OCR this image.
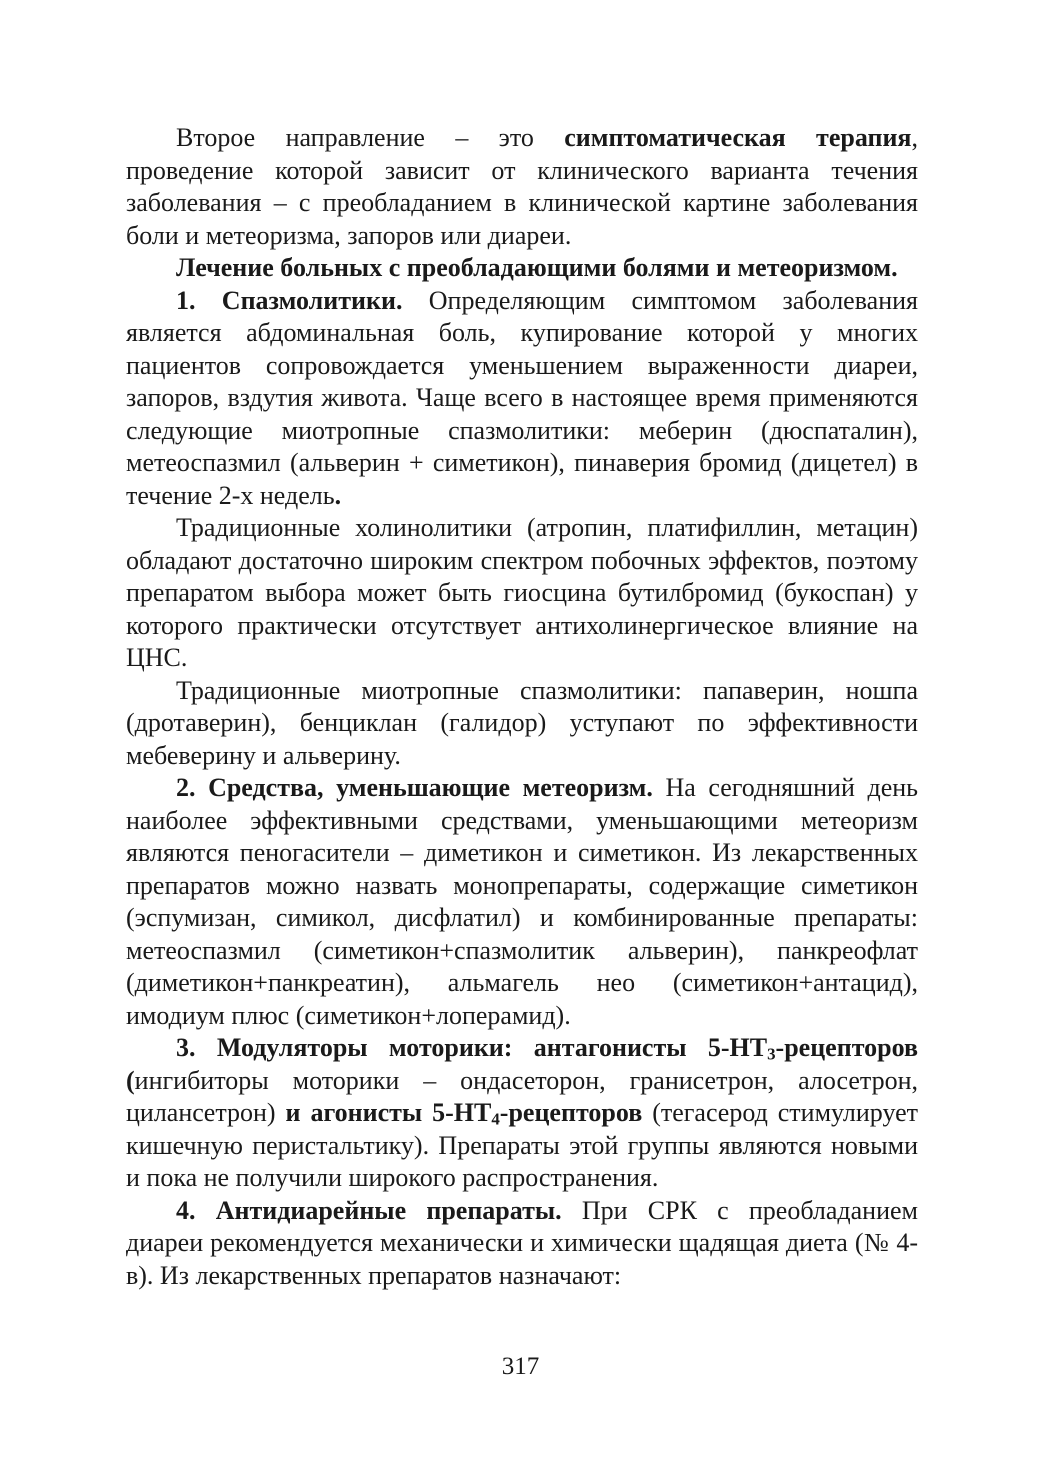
Второе направление – это симптоматическая терапия, проведение которой зависит от клинического варианта течения заболевания – с преобладанием в клинической картине заболевания боли и метеоризма, запоров или диареи.

Лечение больных с преобладающими болями и метеоризмом.

1. Спазмолитики. Определяющим симптомом заболевания является абдоминальная боль, купирование которой у многих пациентов сопровождается уменьшением выраженности диареи, запоров, вздутия живота. Чаще всего в настоящее время применяются следующие миотропные спазмолитики: меберин (дюспаталин), метеоспазмил (альверин + симетикон), пинаверия бромид (дицетел) в течение 2-х недель.

Традиционные холинолитики (атропин, платифиллин, метацин) обладают достаточно широким спектром побочных эффектов, поэтому препаратом выбора может быть гиосцина бутилбромид (букоспан) у которого практически отсутствует антихолинергическое влияние на ЦНС.

Традиционные миотропные спазмолитики: папаверин, ношпа (дротаверин), бенциклан (галидор) уступают по эффективности мебеверину и альверину.

2. Средства, уменьшающие метеоризм. На сегодняшний день наиболее эффективными средствами, уменьшающими метеоризм являются пеногасители – диметикон и симетикон. Из лекарственных препаратов можно назвать монопрепараты, содержащие симетикон (эспумизан, симикол, дисфлатил) и комбинированные препараты: метеоспазмил (симетикон+спазмолитик альверин), панкреофлат (диметикон+панкреатин), альмагель нео (симетикон+антацид), имодиум плюс (симетикон+лоперамид).

3. Модуляторы моторики: антагонисты $5-НТ_3$-рецепторов (ингибиторы моторики – ондасеторон, гранисетрон, алосетрон, циланcетрон) и агонисты $5-НТ_4$-рецепторов (тегасерод стимулирует кишечную перистальтику). Препараты этой группы являются новыми и пока не получили широкого распространения.

4. Антидиарейные препараты. При СРК с преобладанием диареи рекомендуется механически и химически щадящая диета (№ 4-в). Из лекарственных препаратов назначают:

317
